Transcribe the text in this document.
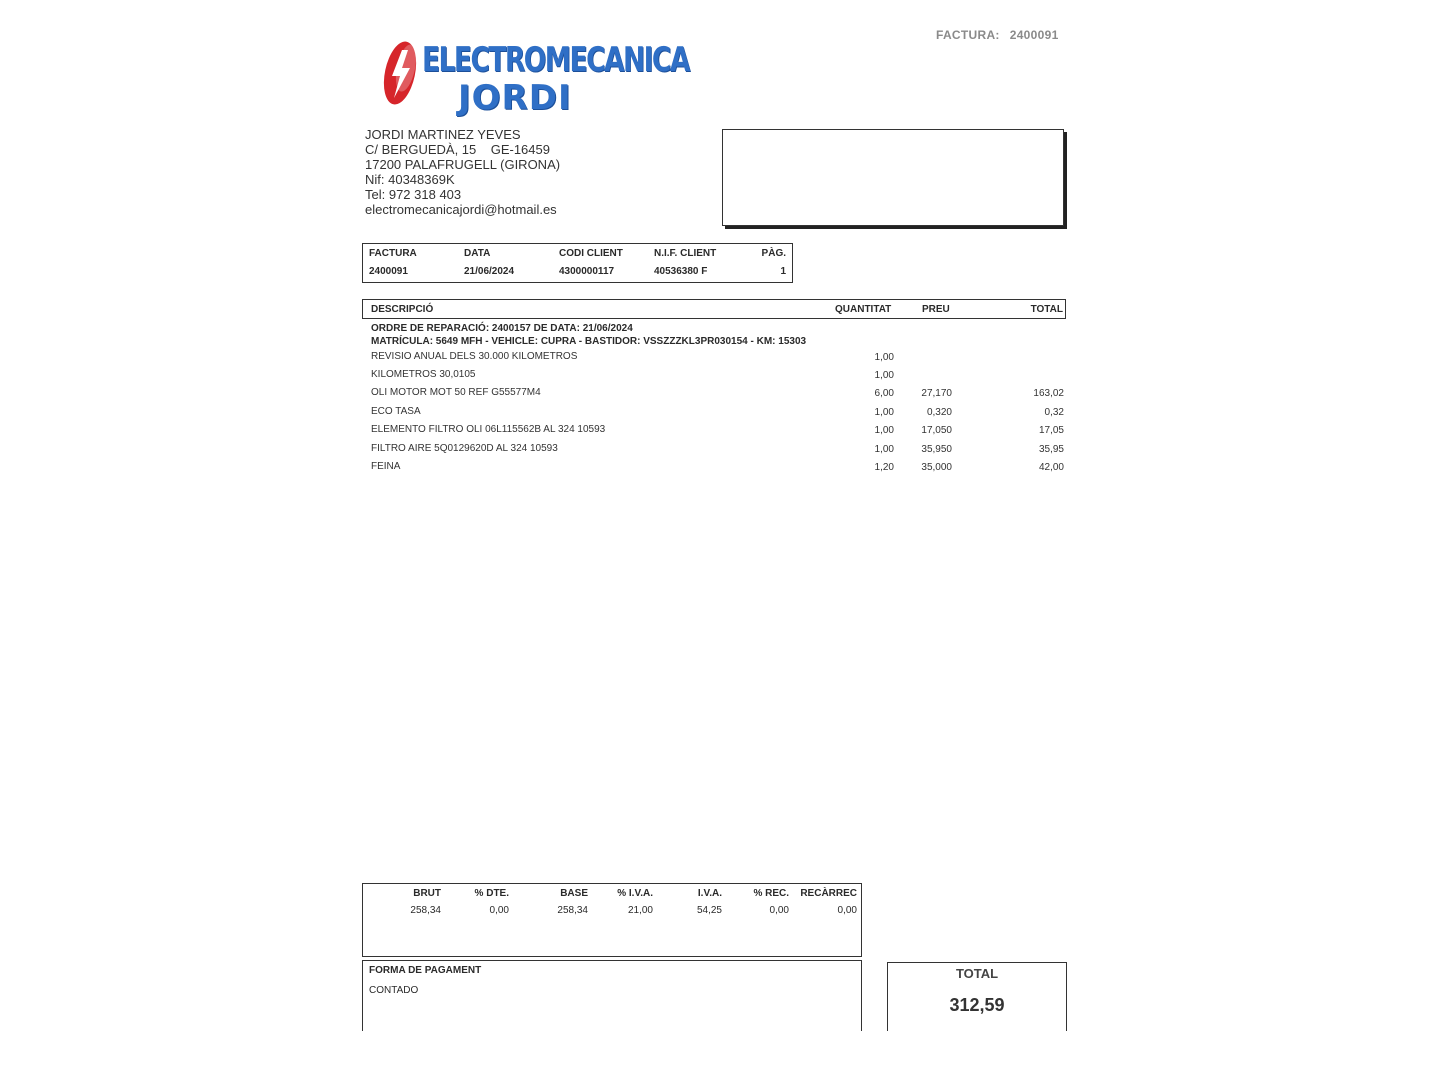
FACTURA: 2400091
ELECTROMECANICA
JORDI
JORDI MARTINEZ YEVES
C/ BERGUEDÀ, 15    GE-16459
17200 PALAFRUGELL (GIRONA)
Nif: 40348369K
Tel: 972 318 403
electromecanicajordi@hotmail.es
FACTURA	DATA	CODI CLIENT	N.I.F. CLIENT	PÀG.
2400091	21/06/2024	4300000117	40536380 F	1
DESCRIPCIÓ	QUANTITAT	PREU	TOTAL
ORDRE DE REPARACIÓ: 2400157 DE DATA: 21/06/2024
MATRÍCULA: 5649 MFH - VEHICLE: CUPRA - BASTIDOR: VSSZZZKL3PR030154 - KM: 15303
REVISIO ANUAL DELS 30.000 KILOMETROS	1,00
KILOMETROS 30,0105	1,00
OLI MOTOR MOT 50 REF G55577M4	6,00	27,170	163,02
ECO TASA	1,00	0,320	0,32
ELEMENTO FILTRO OLI 06L115562B AL 324 10593	1,00	17,050	17,05
FILTRO AIRE 5Q0129620D AL 324 10593	1,00	35,950	35,95
FEINA	1,20	35,000	42,00
BRUT	% DTE.	BASE	% I.V.A.	I.V.A.	% REC.	RECÀRREC
258,34	0,00	258,34	21,00	54,25	0,00	0,00
FORMA DE PAGAMENT
CONTADO
TOTAL
312,59
